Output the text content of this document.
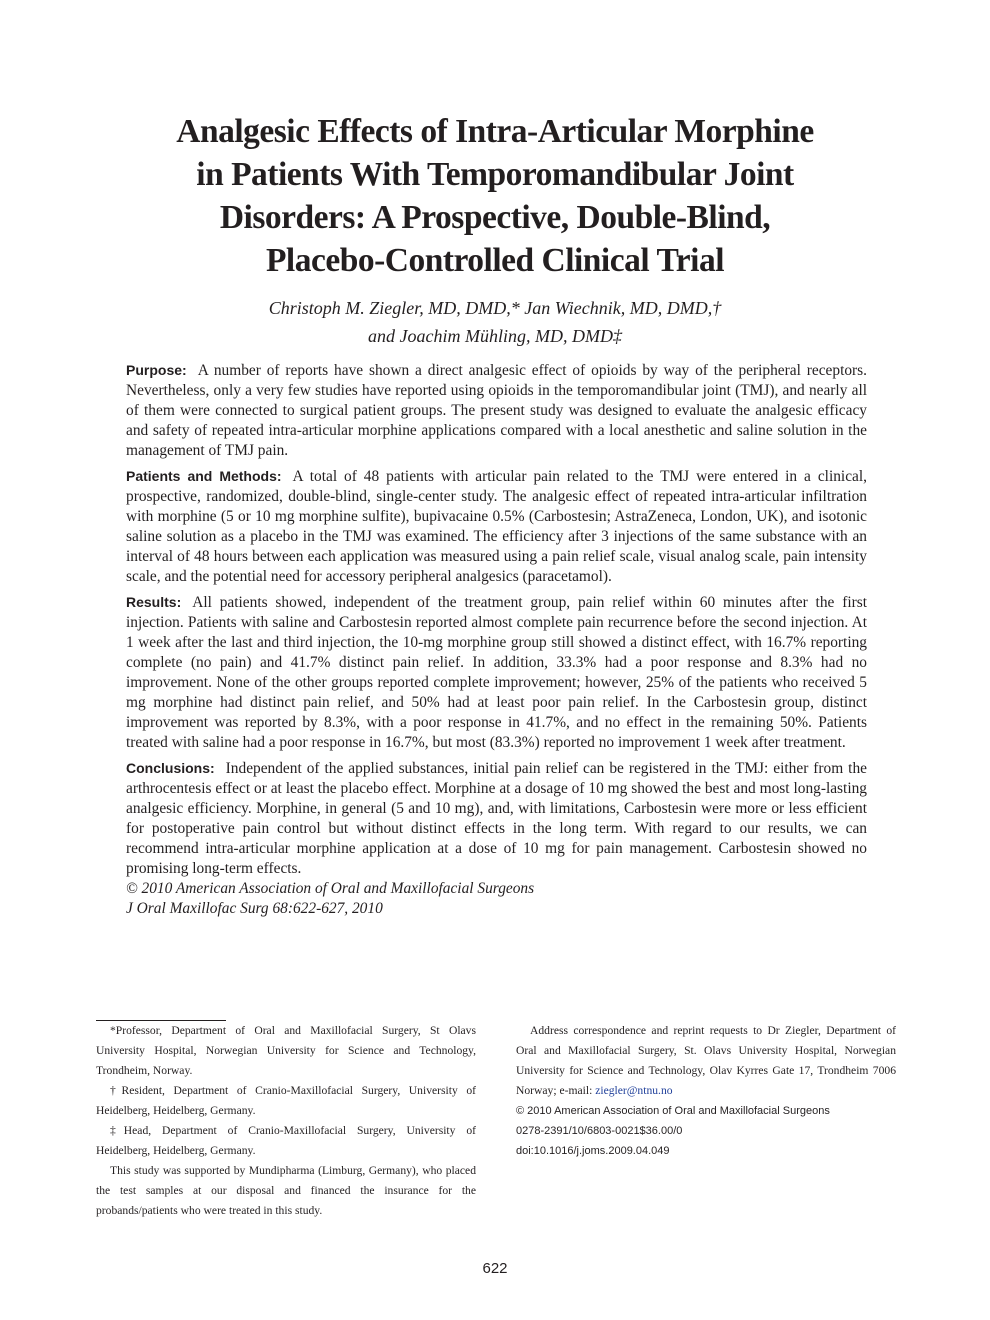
Analgesic Effects of Intra-Articular Morphine
in Patients With Temporomandibular Joint
Disorders: A Prospective, Double-Blind,
Placebo-Controlled Clinical Trial
Christoph M. Ziegler, MD, DMD,* Jan Wiechnik, MD, DMD,†
and Joachim Mühling, MD, DMD‡

Purpose: A number of reports have shown a direct analgesic effect of opioids by way of the peripheral receptors. Nevertheless, only a very few studies have reported using opioids in the temporomandibular joint (TMJ), and nearly all of them were connected to surgical patient groups. The present study was designed to evaluate the analgesic efficacy and safety of repeated intra-articular morphine applications compared with a local anesthetic and saline solution in the management of TMJ pain.

Patients and Methods: A total of 48 patients with articular pain related to the TMJ were entered in a clinical, prospective, randomized, double-blind, single-center study. The analgesic effect of repeated intra-articular infiltration with morphine (5 or 10 mg morphine sulfite), bupivacaine 0.5% (Carbostesin; AstraZeneca, London, UK), and isotonic saline solution as a placebo in the TMJ was examined. The efficiency after 3 injections of the same substance with an interval of 48 hours between each application was measured using a pain relief scale, visual analog scale, pain intensity scale, and the potential need for accessory peripheral analgesics (paracetamol).

Results: All patients showed, independent of the treatment group, pain relief within 60 minutes after the first injection. Patients with saline and Carbostesin reported almost complete pain recurrence before the second injection. At 1 week after the last and third injection, the 10-mg morphine group still showed a distinct effect, with 16.7% reporting complete (no pain) and 41.7% distinct pain relief. In addition, 33.3% had a poor response and 8.3% had no improvement. None of the other groups reported complete improvement; however, 25% of the patients who received 5 mg morphine had distinct pain relief, and 50% had at least poor pain relief. In the Carbostesin group, distinct improvement was reported by 8.3%, with a poor response in 41.7%, and no effect in the remaining 50%. Patients treated with saline had a poor response in 16.7%, but most (83.3%) reported no improvement 1 week after treatment.

Conclusions: Independent of the applied substances, initial pain relief can be registered in the TMJ: either from the arthrocentesis effect or at least the placebo effect. Morphine at a dosage of 10 mg showed the best and most long-lasting analgesic efficiency. Morphine, in general (5 and 10 mg), and, with limitations, Carbostesin were more or less efficient for postoperative pain control but without distinct effects in the long term. With regard to our results, we can recommend intra-articular morphine application at a dose of 10 mg for pain management. Carbostesin showed no promising long-term effects.

© 2010 American Association of Oral and Maxillofacial Surgeons
J Oral Maxillofac Surg 68:622-627, 2010

*Professor, Department of Oral and Maxillofacial Surgery, St Olavs University Hospital, Norwegian University for Science and Technology, Trondheim, Norway.

†Resident, Department of Cranio-Maxillofacial Surgery, University of Heidelberg, Heidelberg, Germany.

‡Head, Department of Cranio-Maxillofacial Surgery, University of Heidelberg, Heidelberg, Germany.

This study was supported by Mundipharma (Limburg, Germany), who placed the test samples at our disposal and financed the insurance for the probands/patients who were treated in this study.

Address correspondence and reprint requests to Dr Ziegler, Department of Oral and Maxillofacial Surgery, St. Olavs University Hospital, Norwegian University for Science and Technology, Olav Kyrres Gate 17, Trondheim 7006 Norway; e-mail: ziegler@ntnu.no

© 2010 American Association of Oral and Maxillofacial Surgeons

0278-2391/10/6803-0021$36.00/0

doi:10.1016/j.joms.2009.04.049

622
